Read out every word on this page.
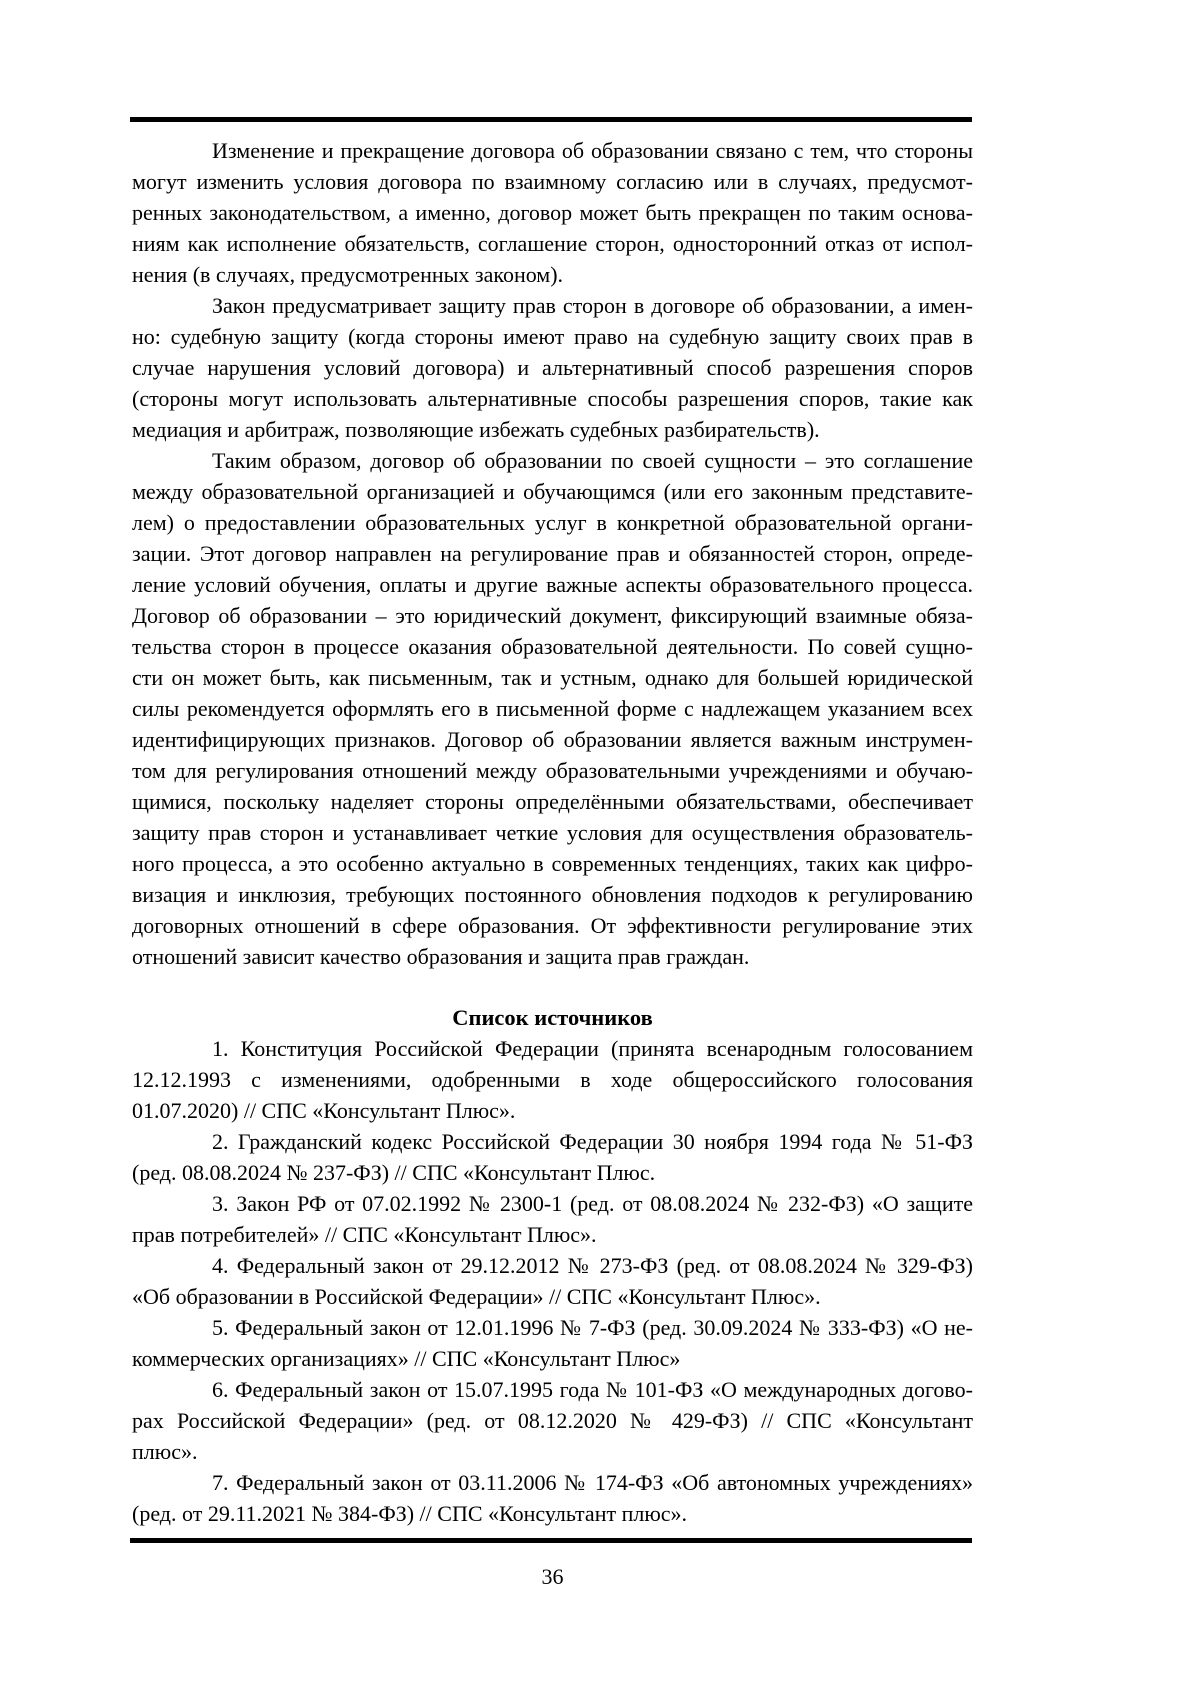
Изменение и прекращение договора об образовании связано с тем, что стороны
могут изменить условия договора по взаимному согласию или в случаях, предусмот-
ренных законодательством, а именно, договор может быть прекращен по таким основа-
ниям как исполнение обязательств, соглашение сторон, односторонний отказ от испол-
нения (в случаях, предусмотренных законом).
Закон предусматривает защиту прав сторон в договоре об образовании, а имен-
но: судебную защиту (когда стороны имеют право на судебную защиту своих прав в
случае нарушения условий договора) и альтернативный способ разрешения споров
(стороны могут использовать альтернативные способы разрешения споров, такие как
медиация и арбитраж, позволяющие избежать судебных разбирательств).
Таким образом, договор об образовании по своей сущности – это соглашение
между образовательной организацией и обучающимся (или его законным представите-
лем) о предоставлении образовательных услуг в конкретной образовательной органи-
зации. Этот договор направлен на регулирование прав и обязанностей сторон, опреде-
ление условий обучения, оплаты и другие важные аспекты образовательного процесса.
Договор об образовании – это юридический документ, фиксирующий взаимные обяза-
тельства сторон в процессе оказания образовательной деятельности. По совей сущно-
сти он может быть, как письменным, так и устным, однако для большей юридической
силы рекомендуется оформлять его в письменной форме с надлежащем указанием всех
идентифицирующих признаков. Договор об образовании является важным инструмен-
том для регулирования отношений между образовательными учреждениями и обучаю-
щимися, поскольку наделяет стороны определёнными обязательствами, обеспечивает
защиту прав сторон и устанавливает четкие условия для осуществления образователь-
ного процесса, а это особенно актуально в современных тенденциях, таких как цифро-
визация и инклюзия, требующих постоянного обновления подходов к регулированию
договорных отношений в сфере образования. От эффективности регулирование этих
отношений зависит качество образования и защита прав граждан.
Список источников
1. Конституция Российской Федерации (принята всенародным голосованием
12.12.1993 с изменениями, одобренными в ходе общероссийского голосования
01.07.2020) // СПС «Консультант Плюс».
2. Гражданский кодекс Российской Федерации 30 ноября 1994 года № 51-ФЗ
(ред. 08.08.2024 № 237-ФЗ) // СПС «Консультант Плюс.
3. Закон РФ от 07.02.1992 № 2300-1 (ред. от 08.08.2024 № 232-ФЗ) «О защите
прав потребителей» // СПС «Консультант Плюс».
4. Федеральный закон от 29.12.2012 № 273-ФЗ (ред. от 08.08.2024 № 329-ФЗ)
«Об образовании в Российской Федерации» // СПС «Консультант Плюс».
5. Федеральный закон от 12.01.1996 № 7-ФЗ (ред. 30.09.2024 № 333-ФЗ) «О не-
коммерческих организациях» // СПС «Консультант Плюс»
6. Федеральный закон от 15.07.1995 года № 101-ФЗ «О международных догово-
рах Российской Федерации» (ред. от 08.12.2020 № 429-ФЗ) // СПС «Консультант
плюс».
7. Федеральный закон от 03.11.2006 № 174-ФЗ «Об автономных учреждениях»
(ред. от 29.11.2021 № 384-ФЗ) // СПС «Консультант плюс».
36
